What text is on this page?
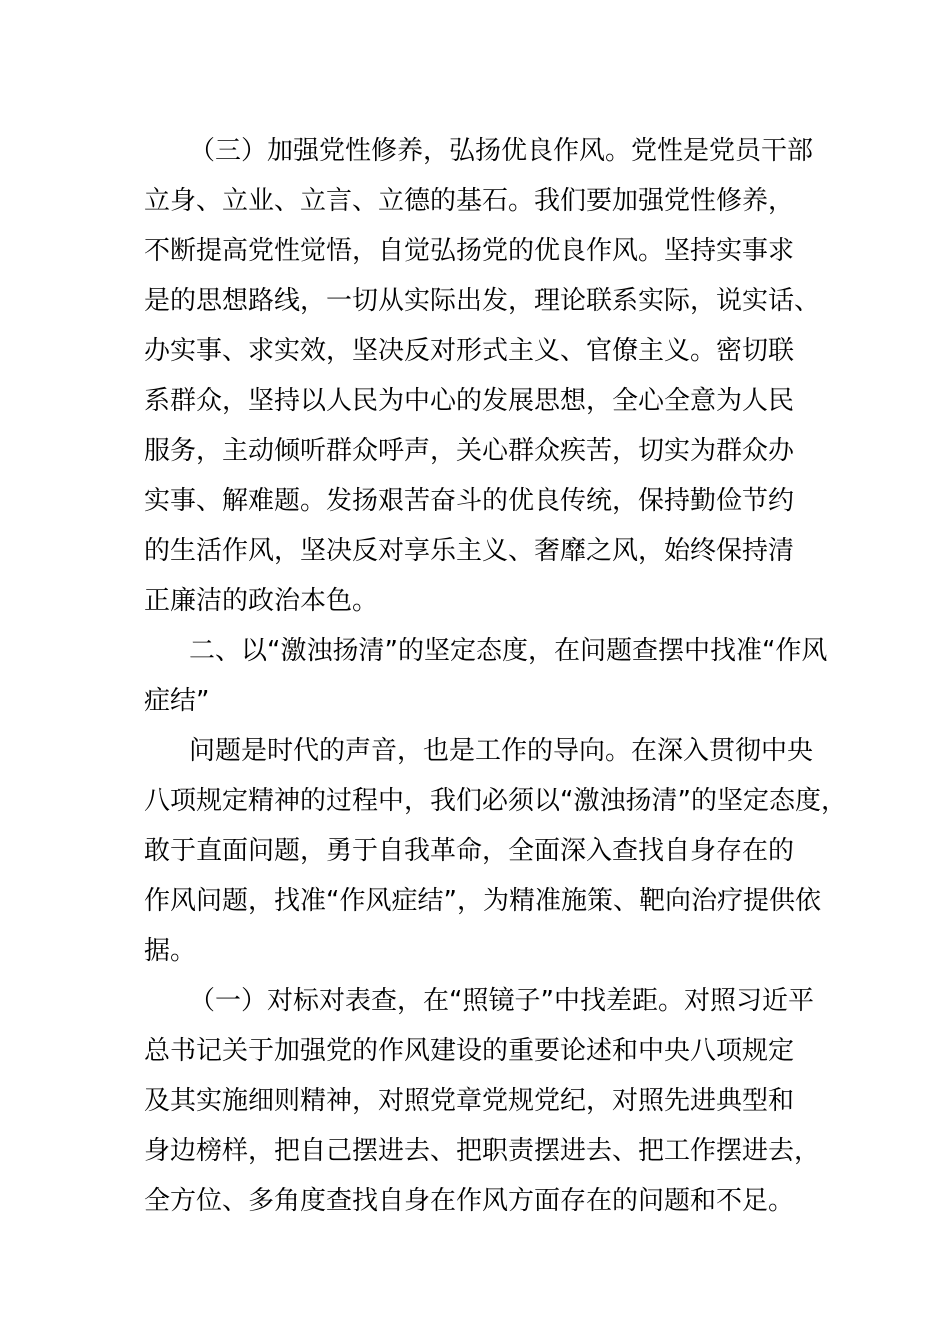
（三）加强党性修养，弘扬优良作风。党性是党员干部
立身、立业、立言、立德的基石。我们要加强党性修养，
不断提高党性觉悟，自觉弘扬党的优良作风。坚持实事求
是的思想路线，一切从实际出发，理论联系实际，说实话、
办实事、求实效，坚决反对形式主义、官僚主义。密切联
系群众，坚持以人民为中心的发展思想，全心全意为人民
服务，主动倾听群众呼声，关心群众疾苦，切实为群众办
实事、解难题。发扬艰苦奋斗的优良传统，保持勤俭节约
的生活作风，坚决反对享乐主义、奢靡之风，始终保持清
正廉洁的政治本色。
二、以“激浊扬清”的坚定态度，在问题查摆中找准“作风
症结”
问题是时代的声音，也是工作的导向。在深入贯彻中央
八项规定精神的过程中，我们必须以“激浊扬清”的坚定态度，
敢于直面问题，勇于自我革命，全面深入查找自身存在的
作风问题，找准“作风症结”，为精准施策、靶向治疗提供依
据。
（一）对标对表查，在“照镜子”中找差距。对照习近平
总书记关于加强党的作风建设的重要论述和中央八项规定
及其实施细则精神，对照党章党规党纪，对照先进典型和
身边榜样，把自己摆进去、把职责摆进去、把工作摆进去，
全方位、多角度查找自身在作风方面存在的问题和不足。
